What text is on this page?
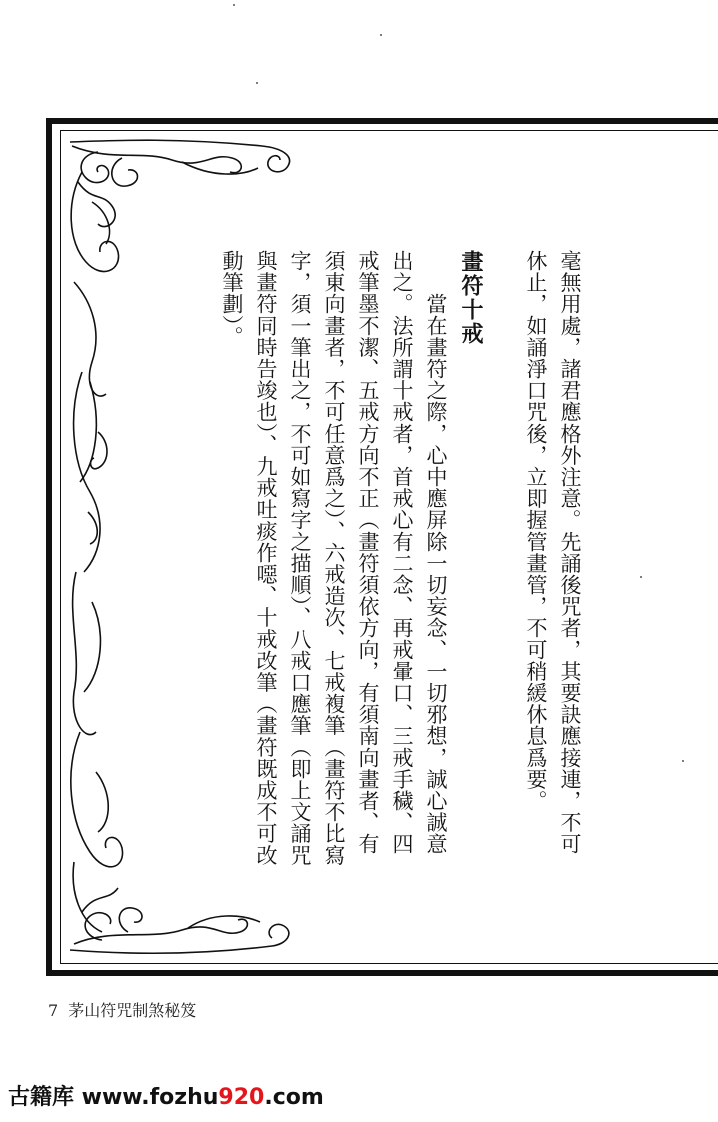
毫無用處，諸君應格外注意。先誦後咒者，其要訣應接連，不可
休止，如誦淨口咒後，立即握管畫管，不可稍緩休息爲要。
畫符十戒
　　當在畫符之際，心中應屏除一切妄念、一切邪想，誠心誠意
出之。法所謂十戒者，首戒心有二念、再戒暈口、三戒手穢、四
戒筆墨不潔、五戒方向不正（畫符須依方向，有須南向畫者、有
須東向畫者，不可任意爲之）、六戒造次、七戒複筆（畫符不比寫
字，須一筆出之，不可如寫字之描順）、八戒口應筆（即上文誦咒
與畫符同時告竣也）、九戒吐痰作噁、十戒改筆（畫符既成不可改
動筆劃）。
7 茅山符咒制煞秘笈
古籍库 www.fozhu920.com
